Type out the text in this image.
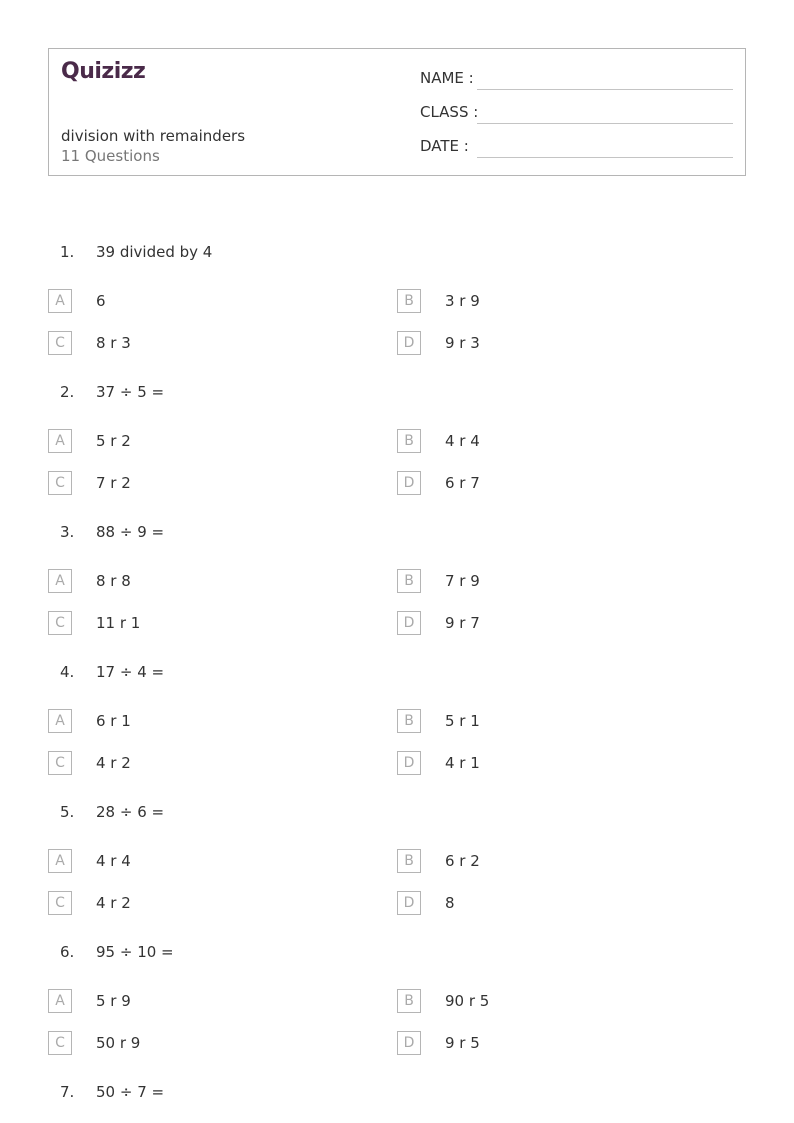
Quizizz
division with remainders
11 Questions
NAME :
CLASS :
DATE :
1. 39 divided by 4
A	6	B	3 r 9
C	8 r 3	D	9 r 3
2. 37 ÷ 5 =
A	5 r 2	B	4 r 4
C	7 r 2	D	6 r 7
3. 88 ÷ 9 =
A	8 r 8	B	7 r 9
C	11 r 1	D	9 r 7
4. 17 ÷ 4 =
A	6 r 1	B	5 r 1
C	4 r 2	D	4 r 1
5. 28 ÷ 6 =
A	4 r 4	B	6 r 2
C	4 r 2	D	8
6. 95 ÷ 10 =
A	5 r 9	B	90 r 5
C	50 r 9	D	9 r 5
7. 50 ÷ 7 =
